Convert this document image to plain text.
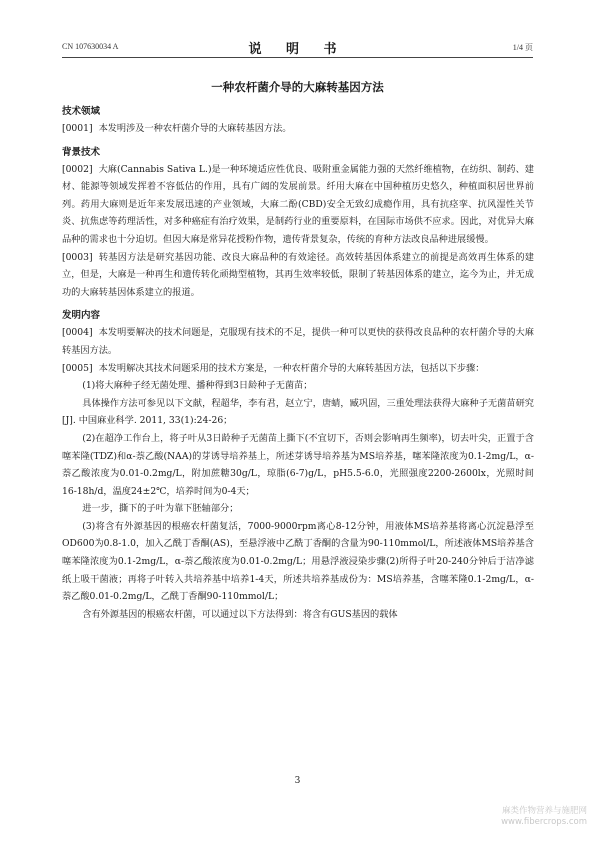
CN 107630034 A	说 明 书	1/4 页
一种农杆菌介导的大麻转基因方法
技术领域

[0001] 本发明涉及一种农杆菌介导的大麻转基因方法。

背景技术

[0002] 大麻(Cannabis Sativa L.)是一种环境适应性优良、吸附重金属能力强的天然纤维植物，在纺织、制药、建材、能源等领域发挥着不容低估的作用，具有广阔的发展前景。纤用大麻在中国种植历史悠久，种植面积居世界前列。药用大麻则是近年来发展迅速的产业领域，大麻二酚(CBD)安全无致幻成瘾作用，具有抗痉挛、抗风湿性关节炎、抗焦虑等药理活性，对多种癌症有治疗效果，是制药行业的重要原料，在国际市场供不应求。因此，对优异大麻品种的需求也十分迫切。但因大麻是常异花授粉作物，遗传背景复杂，传统的育种方法改良品种进展缓慢。

[0003] 转基因方法是研究基因功能、改良大麻品种的有效途径。高效转基因体系建立的前提是高效再生体系的建立，但是，大麻是一种再生和遗传转化顽拗型植物，其再生效率较低，限制了转基因体系的建立，迄今为止，并无成功的大麻转基因体系建立的报道。

发明内容

[0004] 本发明要解决的技术问题是，克服现有技术的不足，提供一种可以更快的获得改良品种的农杆菌介导的大麻转基因方法。

[0005] 本发明解决其技术问题采用的技术方案是，一种农杆菌介导的大麻转基因方法，包括以下步骤：

(1)将大麻种子经无菌处理、播种得到3日龄种子无菌苗；

具体操作方法可参见以下文献，程超华，李有君，赵立宁，唐蜻，臧巩固，三重处理法获得大麻种子无菌苗研究[J]. 中国麻业科学. 2011, 33(1):24-26；

(2)在超净工作台上，将子叶从3日龄种子无菌苗上撕下(不宜切下，否则会影响再生频率)，切去叶尖，正置于含噻苯隆(TDZ)和α-萘乙酸(NAA)的芽诱导培养基上，所述芽诱导培养基为MS培养基，噻苯隆浓度为0.1-2mg/L，α-萘乙酸浓度为0.01-0.2mg/L，附加蔗糖30g/L，琼脂(6-7)g/L，pH5.5-6.0，光照强度2200-2600lx，光照时间16-18h/d，温度24±2℃，培养时间为0-4天；

进一步，撕下的子叶为靠下胚轴部分；

(3)将含有外源基因的根癌农杆菌复活，7000-9000rpm离心8-12分钟，用液体MS培养基将离心沉淀悬浮至OD600为0.8-1.0，加入乙酰丁香酮(AS)，至悬浮液中乙酰丁香酮的含量为90-110mmol/L，所述液体MS培养基含噻苯隆浓度为0.1-2mg/L，α-萘乙酸浓度为0.01-0.2mg/L；用悬浮液浸染步骤(2)所得子叶20-240分钟后于洁净滤纸上吸干菌液；再将子叶转入共培养基中培养1-4天，所述共培养基成份为：MS培养基，含噻苯隆0.1-2mg/L，α-萘乙酸0.01-0.2mg/L，乙酰丁香酮90-110mmol/L；

含有外源基因的根癌农杆菌，可以通过以下方法得到：将含有GUS基因的载体

3
麻类作物营养与施肥网
www.fibercrops.com
